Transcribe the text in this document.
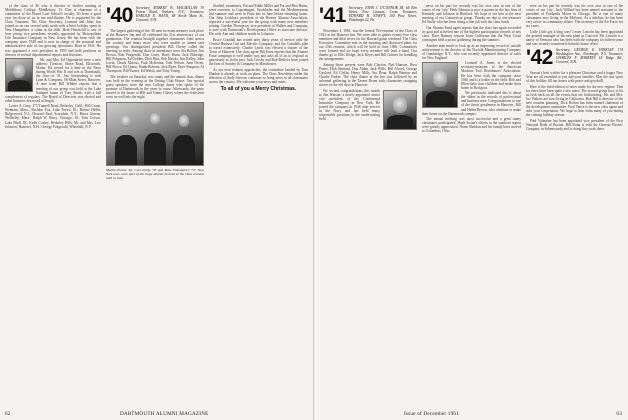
of the class of '46 who is director of teacher training at Middlebury College, Middlebury, Vt. Don is chairman of a committee of the Bread Loaf School's faculty. It's been a good year for those of us in our mid-thirties. He is supported by the Class Treasurer. The Class Secretary, Leonard and John, has joined us on our several treks north with a brief holiday spent in New Hampshire, a cabin in the hills. Herb Hinchcliff is one of four young vice presidents recently appointed by Metropolitan Life Insurance Company in New Jersey. He has been with the company since 1948 and is now in charge of the actuarial and administrative side of our growing operations. Born in 1941. He was appointed a vice president in 1959 and held positions as director of several departmental reports and divisions.

Mr. and Mrs. Ed Oppenheim have a new address: Tiverton, Shore Road, Ellsworth, Maine. Ed served for a time in the Navy during World War II and was at Dartmouth, the class of '41. Jim Gerstenberg is with Lane & Company, 68 Main Street, Hanover. A note from Bill Wibber reports that a meeting of our group was held at the Lake Sunapee home of Tom Smith, with a full complement of regulars. The Board of Directors was elected and other business discussed at length.

Lester A. Gray, 175 Tunnell Road, Berkeley, Calif.; Bill Crane, Wenham, Mass.; Sheldon Fox, Lake Forest, Ill.; Robert Heller, Ridgewood, N.J.; Howard Paul, Scarsdale, N.Y.; Bruce Greene, Wellesley, Mass.; Ralph W. Barry, Chicago, Ill.; Tom Corson, Lake Bluff, Ill.; Keith Conley, Berkeley Hills; Mr. and Mrs. Lew Johnson, Hanover, N.H.; George Fitzgerald, Whitehall, N.Y.

'40 Secretary, ROBERT W. MACMILLAN 70 Forest Road, Yonkers, N.Y.; Treasurer, HAROLD E. HANN, 68 North Main St., Concord, N.H.

The largest gathering of the '40 men in recent memory took place at the Hanover Inn and all celebrated the 21st anniversary of our graduation. The reunion brought together classmates from across the country and many more who were unable to attend sent greetings. Our distinguished president Bill Cherry called the meeting to order. Among those in attendance were Stu Bolton, Jim Brown, Bob Fitzgerald, Don Carey, Harry Dunn, Jack Eldredge, Bill Ferguson, Ed Golden, Dick Hart, Bob Hawks, Jim Kelley, John Lavin, Chuck Marcus, Paul McKenna, Tom Nelson, Sam Owen, Bill Pierce, Ed Quinn, Frank Roberts, Jack Ryan, Dave Simpson, Al Thompson, Bill Turner, Ed Walsh, and Tony Young.

The weather on Saturday was sunny and the annual class dinner was held in the evening at the Outing Club House. Our special guest speakers were the new College deans who spoke of the promise of Dartmouth in the years to come. Afterwards, the party moved to the home of Bill and Ginny Cherry where the festivities went on well into the night.

Martin Fieton '40, Carl Pyrke '33 and Ross Fitzmaurice '37, New York men, were part of the large alumni turnout at the class reunion held in June.

Studied, sometimes, Pat and Eddie Miller and Pat and Bert Hains, went overseas to Copenhagen, Stockholm and the Mediterranean last summer and were in Paris late in June before returning home. Our John Lockhart, president of the Boston Alumni Association, reported a successful year for the group with many new members joining. Gordon Thompson, vice president of Walker and Company, is now with Dartmouth's Development Office as associate director. His wife Ann and children reside in Lebanon.

Bruce Crandall has retired after thirty years of service with the Central Hudson Gas and Electric Company, and the Crandalls plan to travel extensively. Charlie Leach was elected a trustee of the Town of Hanover. Our class agent Bill Ernst reports that the Alumni Fund campaign is well under way and asks all of us to respond as generously as in the past. Jack Crosby and Bob Bellows have joined the firm of Stanley & Company in Manchester.

As our next reunion approaches, the committee headed by Tom Dunbar is already at work on plans. The Class Newsletter under the direction of Andy Stevens continues to bring news to all classmates across the country. We welcome your news and notes.

To all of you a Merry Christmas.
62	DARTMOUTH ALUMNI MAGAZINE
'41 Secretary, JOHN J. O'CONNOR JR. 66 Elm Street, New Canaan, Conn. Treasurer, EDWARD B. STAFFY, 100 Pine Street, Pittsburgh 22, Pa.

November 4, 1961, was the formal 'Pre-reunion' of the Class of 1941 at the Hanover Inn. We were able to gather twenty-five class members and their wives for the Harvard game weekend. The Class Executive Committee met in the morning and discussed plans for our 25th reunion, which will be held in June 1966. Committees were formed and we hope every member will lend a hand. Our thanks go to Ellis Dodge, Jack Keyes and Bill Grimes for handling the arrangements.

Among those present were Bob Clayton, Ned Hanson, Russ Peters, Dick Bernard, Don Alden, Jack Wills, Bill Alvord, George Gaylord, Ed Coffin, Henry Mills, Stu Dean, Ralph Benson and Charlie Parker. The class dinner at the Inn was followed by an informal gathering in the Tavern Room with classmates swapping stories of the old days in Hanover.

We second congratulations this month to Jim Watson, a newly appointed senior vice president of the Continental Insurance Company in New York. He joined the company in 1946 after service in the Navy and has held many responsible positions in the underwriting field.

news on his part for recently was his own case in one of the courts of our 'city.' Herb Johnson is now a partner in the law firm of Kennedy and Johnson in Hartford. We hope to see him at the next meeting of our Connecticut group. Thanks are due to our treasurer Ed Staffy who has been doing a fine job with the class funds.

Our Alumni Fund agent reports that the class has again exceeded its goal and achieved one of the highest participation records of any class. Dave Ramsey reports from California that the West Coast contingent held a picnic gathering during the summer.

Another man much to look up as an improving record of outside achievement is the director of the Norfolk Manufacturing Company of Cambridge, N.Y., who was recently appointed director of sales for New England.

Leonard A. Jones is the elected secretary-treasurer of the American Machine Tool Distributors' Association. He has been with the company since 1946 and is a leader in the field. Bob and Ellen have four children and make their home in Rockport.

We previously indicated this is about the oldest in the records of professional and business men. Congratulations to one of the finest gentlemen in Hanover, Bill and Helen Brown, who continue to make their home on the Dartmouth campus.

The annual meeting was most successful and a great many classmates participated. Hank Swain's efforts in the southern region were greatly appreciated. Norm Sheldon and his family have moved to Columbus, Ohio.

seen on his part he recently was his own case in one of the courts of our 'city.' Jack Willard has been named assistant to the president of Fairbanks Morse in Chicago. He is one of many classmates now living in the Midwest. As a sideline, he has been very active in community affairs. The secretary of the Air Force for six years.

Little Little got a long way! Lester Lincoln has been appointed the general manager of the new plant in Concord. Mr. Lincoln is a native of Vermont who has been with the company for fifteen years and was recently transferred from the home office.

'42 Secretary, GEORGE E. HINKLEY 174 Washington Ave., Newburgh, N.Y. Treasurer, CHARLES F. ROBERTS 18 Ridge Rd., Concord, N.H.

Season's best wishes for a pleasant Christmas and a happy New Year are all extended to you and your families. May the true spirit of this holiday fill our hearts with peace and goodwill.

Here is the third edition of news made for the new regime. That for there have been quite a few notes. The second group first, to let us look back on all the events that are forthcoming. Mr. and Mrs. Joe Walters are now living in California. Bob Hill is director of the new reunion planning. Dick Bolton has been named chairman of the development committee. Fred Vance is the new class agent and asks your cooperation. We hope to hear from many of you during the coming holiday season.

Paul Valentine has been appointed vice president of the First National Bank of Boston. Bill Dunn is with the General Electric Company in Schenectady and is doing fine work there.

Issue of December 1961	63
